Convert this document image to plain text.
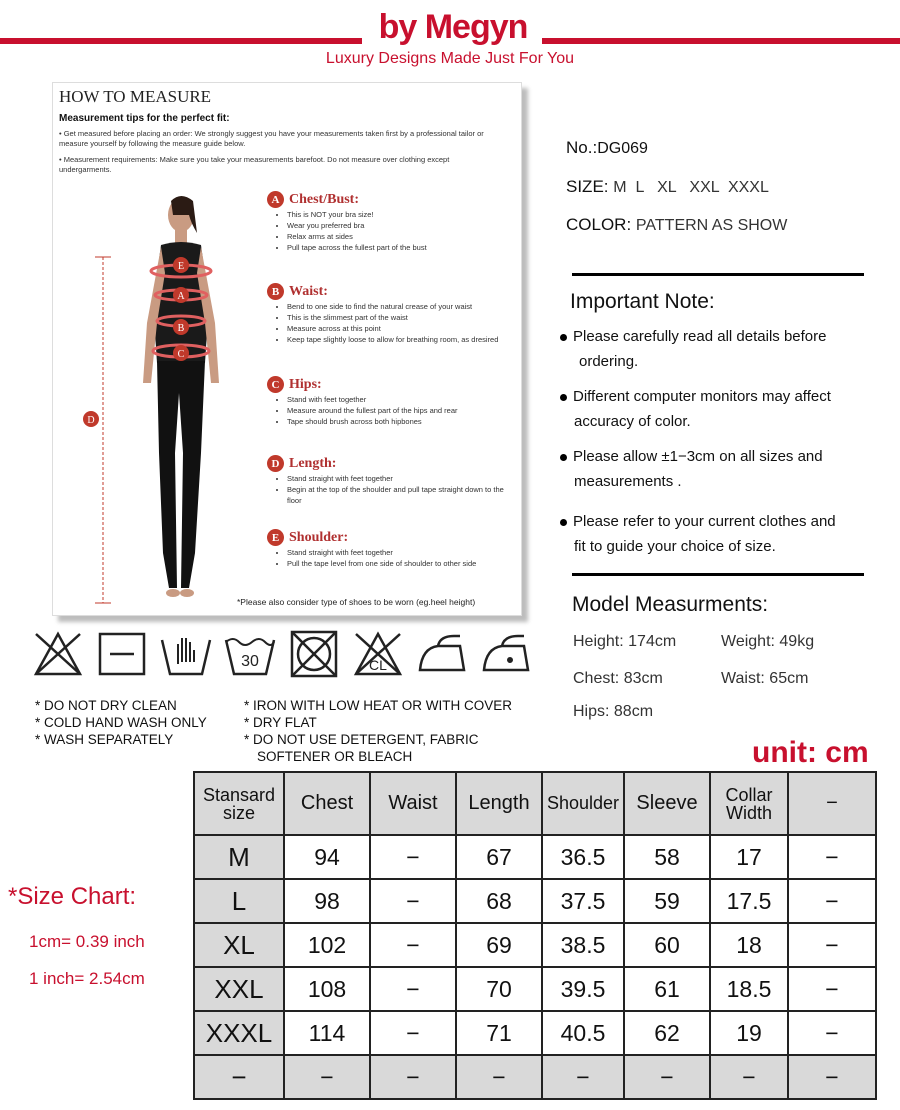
by Megyn
Luxury Designs Made Just For You
HOW TO MEASURE
Measurement tips for the perfect fit:
• Get measured before placing an order: We strongly suggest you have your measurements taken first by a professional tailor or measure yourself by following the measure guide below.
• Measurement requirements: Make sure you take your measurements barefoot. Do not measure over clothing except undergarments.
E
A
B
C
D
A Chest/Bust:
• This is NOT your bra size!
• Wear you preferred bra
• Relax arms at sides
• Pull tape across the fullest part of the bust
B Waist:
• Bend to one side to find the natural crease of your waist
• This is the slimmest part of the waist
• Measure across at this point
• Keep tape slightly loose to allow for breathing room, as dresired
C Hips:
• Stand with feet together
• Measure around the fullest part of the hips and rear
• Tape should brush across both hipbones
D Length:
• Stand straight with feet together
• Begin at the top of the shoulder and pull tape straight down to the floor
E Shoulder:
• Stand straight with feet together
• Pull the tape level from one side of shoulder to other side
*Please also consider type of shoes to be worn (eg.heel height)
30	CL
* DO NOT DRY CLEAN
* COLD HAND WASH ONLY
* WASH SEPARATELY
* IRON WITH LOW HEAT OR WITH COVER
* DRY FLAT
* DO NOT USE DETERGENT, FABRIC
SOFTENER OR BLEACH
No.:DG069
SIZE: M  L   XL   XXL  XXXL
COLOR: PATTERN AS SHOW
Important Note:
Please carefully read all details before
ordering.
Different computer monitors may affect
accuracy of color.
Please allow ±1−3cm on all sizes and
measurements .
Please refer to your current clothes and
fit to guide your choice of size.
Model Measurments:
Height: 174cm	Weight: 49kg
Chest: 83cm	Waist: 65cm
Hips: 88cm
unit: cm
*Size Chart:
1cm= 0.39 inch
1 inch= 2.54cm
Stansard size	Chest	Waist	Length	Shoulder	Sleeve	Collar Width	−
M	94	−	67	36.5	58	17	−
L	98	−	68	37.5	59	17.5	−
XL	102	−	69	38.5	60	18	−
XXL	108	−	70	39.5	61	18.5	−
XXXL	114	−	71	40.5	62	19	−
−	−	−	−	−	−	−	−
